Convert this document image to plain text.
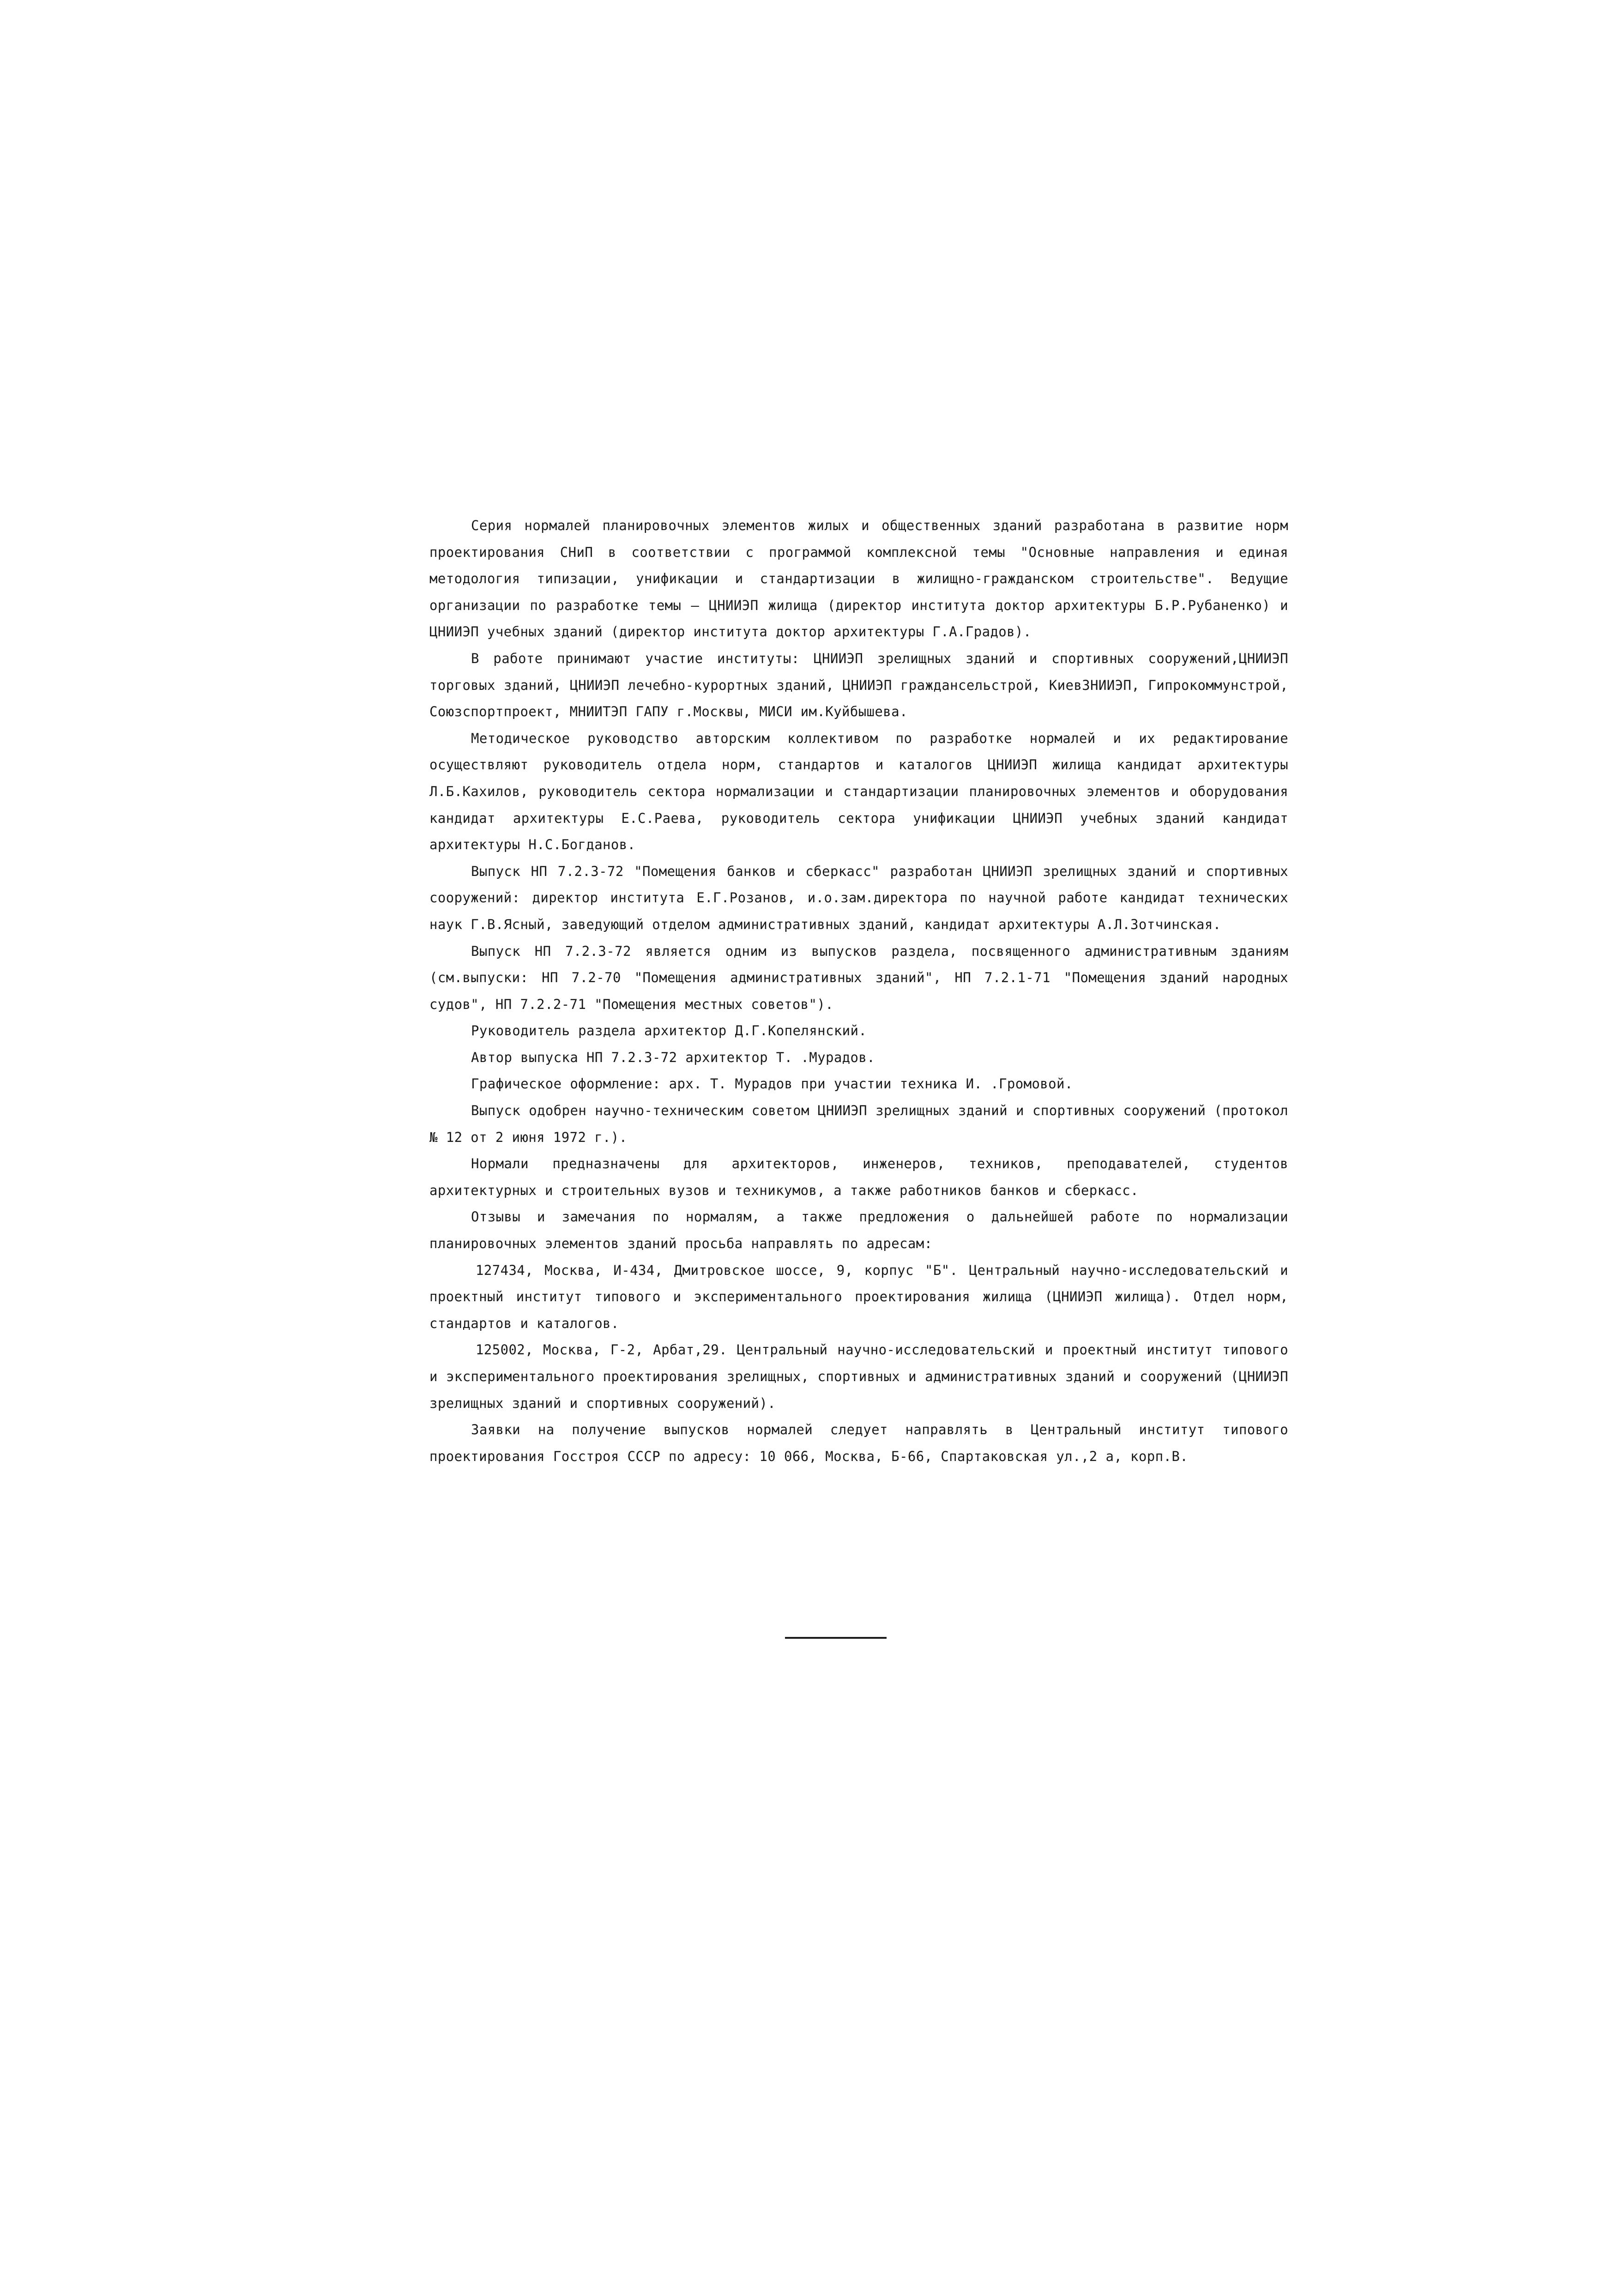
Серия нормалей планировочных элементов жилых и общественных зданий разработана в развитие норм проектирования СНиП в соответствии с программой комплексной темы "Основные направления и единая методология типизации, унификации и стандартизации в жилищно-гражданском строительстве". Ведущие организации по разработке темы – ЦНИИЭП жилища (директор института доктор архитектуры Б.Р.Рубаненко) и ЦНИИЭП учебных зданий (директор института доктор архитектуры Г.А.Градов).

В работе принимают участие институты: ЦНИИЭП зрелищных зданий и спортивных сооружений,ЦНИИЭП торговых зданий, ЦНИИЭП лечебно-курортных зданий, ЦНИИЭП граждансельстрой, КиевЗНИИЭП, Гипрокоммунстрой, Союзспортпроект, МНИИТЭП ГАПУ г.Москвы, МИСИ им.Куйбышева.

Методическое руководство авторским коллективом по разработке нормалей и их редактирование осуществляют руководитель отдела норм, стандартов и каталогов ЦНИИЭП жилища кандидат архитектуры Л.Б.Кахилов, руководитель сектора нормализации и стандартизации планировочных элементов и оборудования кандидат архитектуры Е.С.Раева, руководитель сектора унификации ЦНИИЭП учебных зданий кандидат архитектуры Н.С.Богданов.

Выпуск НП 7.2.3-72 "Помещения банков и сберкасс" разработан ЦНИИЭП зрелищных зданий и спортивных сооружений: директор института Е.Г.Розанов, и.о.зам.директора по научной работе кандидат технических наук Г.В.Ясный, заведующий отделом административных зданий, кандидат архитектуры А.Л.Зотчинская.

Выпуск НП 7.2.3-72 является одним из выпусков раздела, посвященного административным зданиям (см.выпуски: НП 7.2-70 "Помещения административных зданий", НП 7.2.1-71 "Помещения зданий народных судов", НП 7.2.2-71 "Помещения местных советов").

Руководитель раздела архитектор Д.Г.Копелянский.

Автор выпуска НП 7.2.3-72 архитектор Т. .Мурадов.

Графическое оформление: арх. Т. Мурадов при участии техника И. .Громовой.

Выпуск одобрен научно-техническим советом ЦНИИЭП зрелищных зданий и спортивных сооружений (протокол № 12 от 2 июня 1972 г.).

Нормали предназначены для архитекторов, инженеров, техников, преподавателей, студентов архитектурных и строительных вузов и техникумов, а также работников банков и сберкасс.

Отзывы и замечания по нормалям, а также предложения о дальнейшей работе по нормализации планировочных элементов зданий просьба направлять по адресам:

127434, Москва, И-434, Дмитровское шоссе, 9, корпус "Б". Центральный научно-исследовательский и проектный институт типового и экспериментального проектирования жилища (ЦНИИЭП жилища). Отдел норм, стандартов и каталогов.

125002, Москва, Г-2, Арбат,29. Центральный научно-исследовательский и проектный институт типового и экспериментального проектирования зрелищных, спортивных и административных зданий и сооружений (ЦНИИЭП зрелищных зданий и спортивных сооружений).

Заявки на получение выпусков нормалей следует направлять в Центральный институт типового проектирования Госстроя СССР по адресу: 10 066, Москва, Б-66, Спартаковская ул.,2 а, корп.В.
